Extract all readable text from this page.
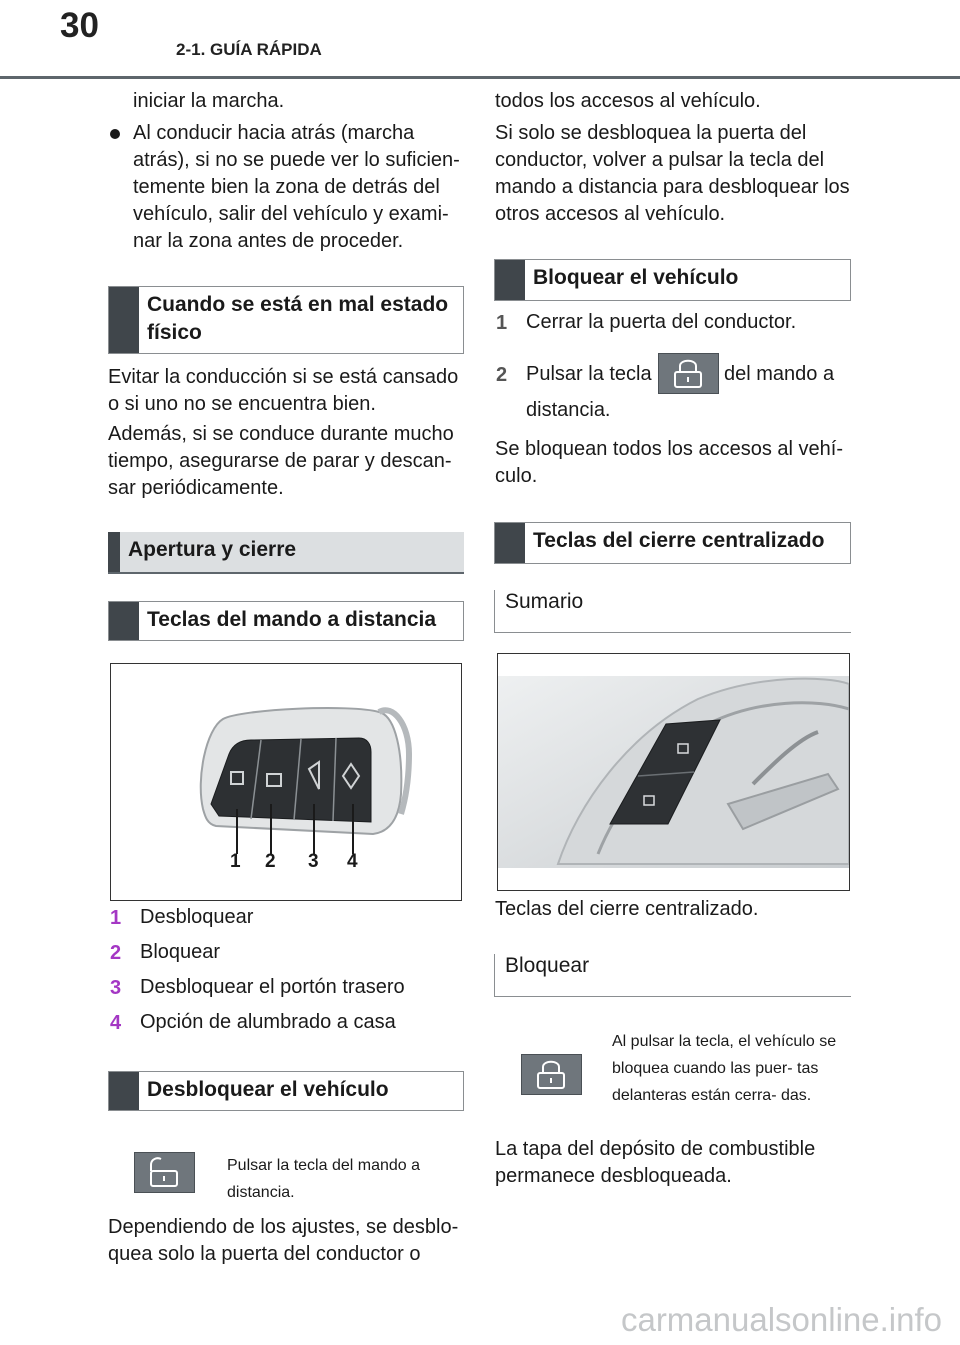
30
2-1. GUÍA RÁPIDA

iniciar la marcha.

Al conducir hacia atrás (marcha atrás), si no se puede ver lo suficien- temente bien la zona de detrás del vehículo, salir del vehículo y exami- nar la zona antes de proceder.

Cuando se está en mal estado físico

Evitar la conducción si se está cansado o si uno no se encuentra bien.

Además, si se conduce durante mucho tiempo, asegurarse de parar y descan- sar periódicamente.

Apertura y cierre
Teclas del mando a distancia
1 2 3 4
1 Desbloquear
2 Bloquear
3 Desbloquear el portón trasero
4 Opción de alumbrado a casa
Desbloquear el vehículo

Pulsar la tecla del mando a distancia.

Dependiendo de los ajustes, se desblo- quea solo la puerta del conductor o

todos los accesos al vehículo.

Si solo se desbloquea la puerta del conductor, volver a pulsar la tecla del mando a distancia para desbloquear los otros accesos al vehículo.

Bloquear el vehículo
1 Cerrar la puerta del conductor.
2 Pulsar la tecla	del mando a
distancia.

Se bloquean todos los accesos al vehí- culo.

Teclas del cierre centralizado
Sumario

Teclas del cierre centralizado.

Bloquear

Al pulsar la tecla, el vehículo se bloquea cuando las puer- tas delanteras están cerra- das.

La tapa del depósito de combustible permanece desbloqueada.

carmanualsonline.info
